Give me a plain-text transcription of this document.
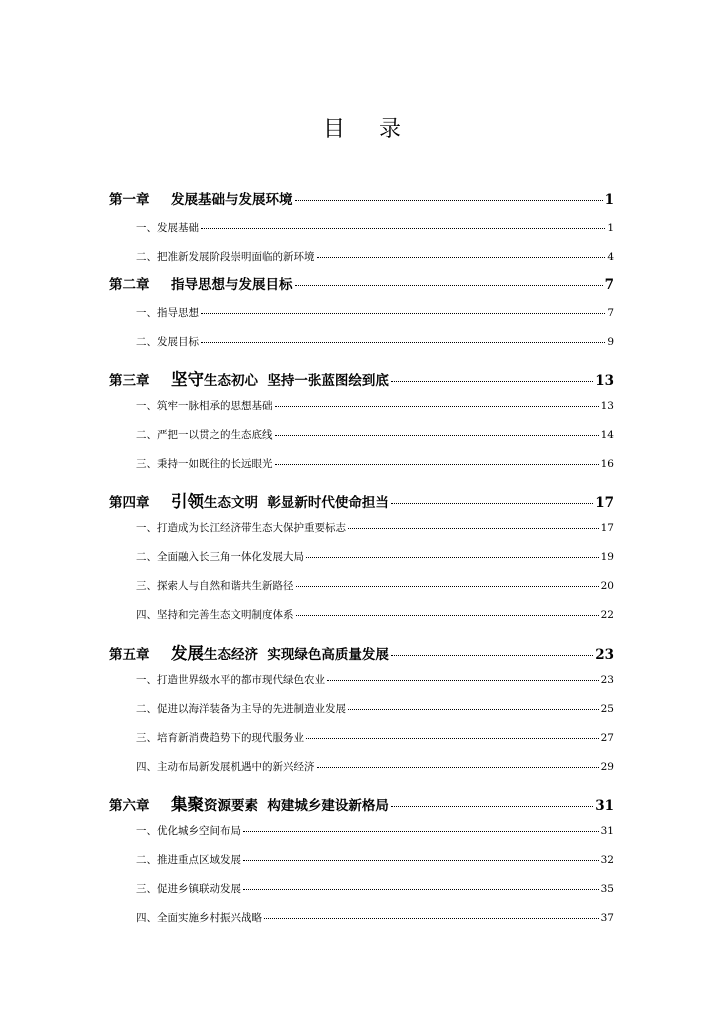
目 录
第一章 发展基础与发展环境	1
一、发展基础	1
二、把准新发展阶段崇明面临的新环境	4
第二章 指导思想与发展目标	7
一、指导思想	7
二、发展目标	9
第三章 坚守生态初心  坚持一张蓝图绘到底	13
一、筑牢一脉相承的思想基础	13
二、严把一以贯之的生态底线	14
三、秉持一如既往的长远眼光	16
第四章 引领生态文明  彰显新时代使命担当	17
一、打造成为长江经济带生态大保护重要标志	17
二、全面融入长三角一体化发展大局	19
三、探索人与自然和谐共生新路径	20
四、坚持和完善生态文明制度体系	22
第五章 发展生态经济  实现绿色高质量发展	23
一、打造世界级水平的都市现代绿色农业	23
二、促进以海洋装备为主导的先进制造业发展	25
三、培育新消费趋势下的现代服务业	27
四、主动布局新发展机遇中的新兴经济	29
第六章 集聚资源要素  构建城乡建设新格局	31
一、优化城乡空间布局	31
二、推进重点区域发展	32
三、促进乡镇联动发展	35
四、全面实施乡村振兴战略	37
